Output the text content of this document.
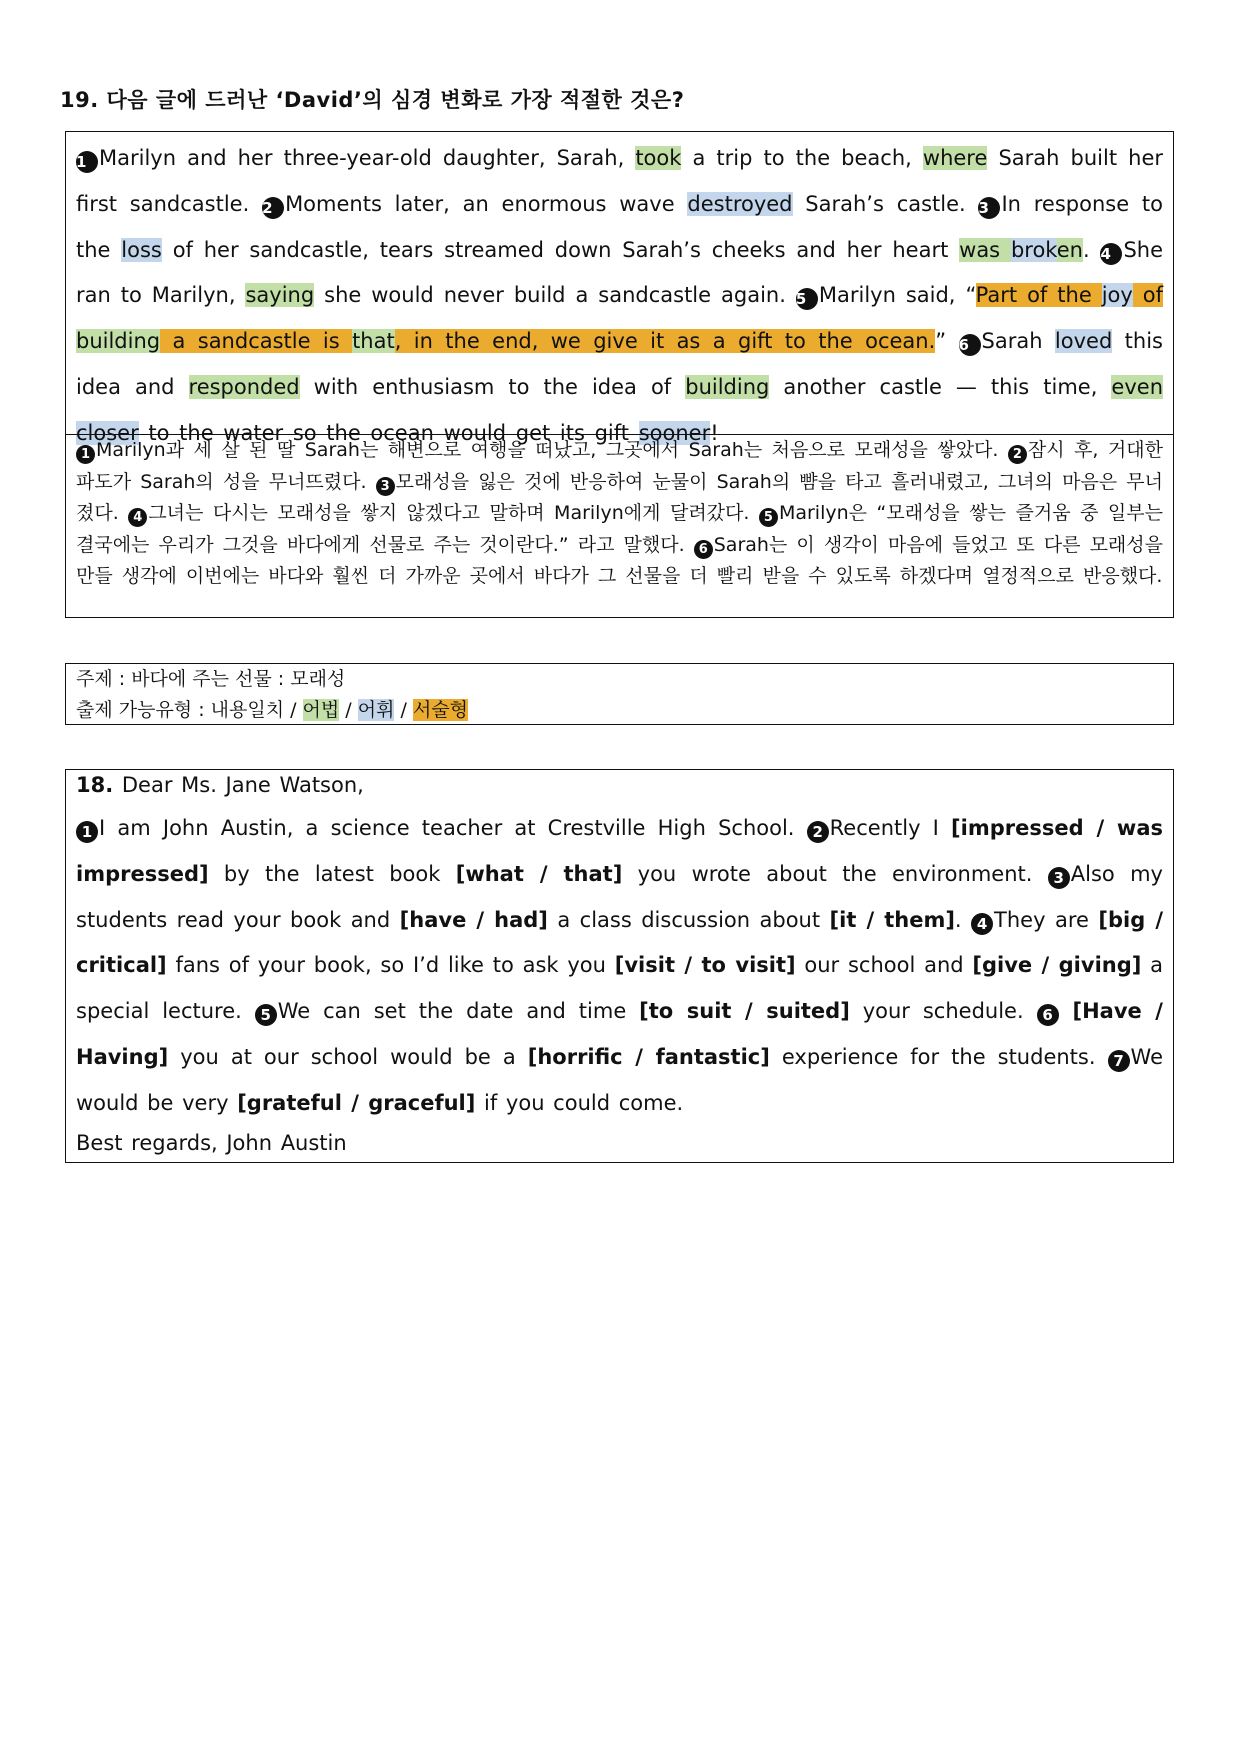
19. 다음 글에 드러난 ‘David’의 심경 변화로 가장 적절한 것은?
1 Marilyn and her three-year-old daughter, Sarah, took a trip to the beach, where Sarah built her first sandcastle. 2 Moments later, an enormous wave destroyed Sarah’s castle. 3 In response to the loss of her sandcastle, tears streamed down Sarah’s cheeks and her heart was broken. 4 She ran to Marilyn, saying she would never build a sandcastle again. 5 Marilyn said, “Part of the joy of building a sandcastle is that, in the end, we give it as a gift to the ocean.” 6 Sarah loved this idea and responded with enthusiasm to the idea of building another castle — this time, even closer to the water so the ocean would get its gift sooner!
1 Marilyn과 세 살 된 딸 Sarah는 해변으로 여행을 떠났고, 그곳에서 Sarah는 처음으로 모래성을 쌓았다. 2 잠시 후, 거대한 파도가 Sarah의 성을 무너뜨렸다. 3 모래성을 잃은 것에 반응하여 눈물이 Sarah의 뺨을 타고 흘러내렸고, 그녀의 마음은 무너졌다. 4 그녀는 다시는 모래성을 쌓지 않겠다고 말하며 Marilyn에게 달려갔다. 5 Marilyn은 “모래성을 쌓는 즐거움 중 일부는 결국에는 우리가 그것을 바다에게 선물로 주는 것이란다.” 라고 말했다. 6 Sarah는 이 생각이 마음에 들었고 또 다른 모래성을 만들 생각에 이번에는 바다와 훨씬 더 가까운 곳에서 바다가 그 선물을 더 빨리 받을 수 있도록 하겠다며 열정적으로 반응했다.
주제 : 바다에 주는 선물 : 모래성
출제 가능유형 : 내용일치 / 어법 / 어휘 / 서술형
18. Dear Ms. Jane Watson,
1 I am John Austin, a science teacher at Crestville High School. 2 Recently I [impressed / was impressed] by the latest book [what / that] you wrote about the environment. 3 Also my students read your book and [have / had] a class discussion about [it / them]. 4 They are [big / critical] fans of your book, so I’d like to ask you [visit / to visit] our school and [give / giving] a special lecture. 5 We can set the date and time [to suit / suited] your schedule. 6 [Have / Having] you at our school would be a [horrific / fantastic] experience for the students. 7 We would be very [grateful / graceful] if you could come.
Best regards, John Austin
